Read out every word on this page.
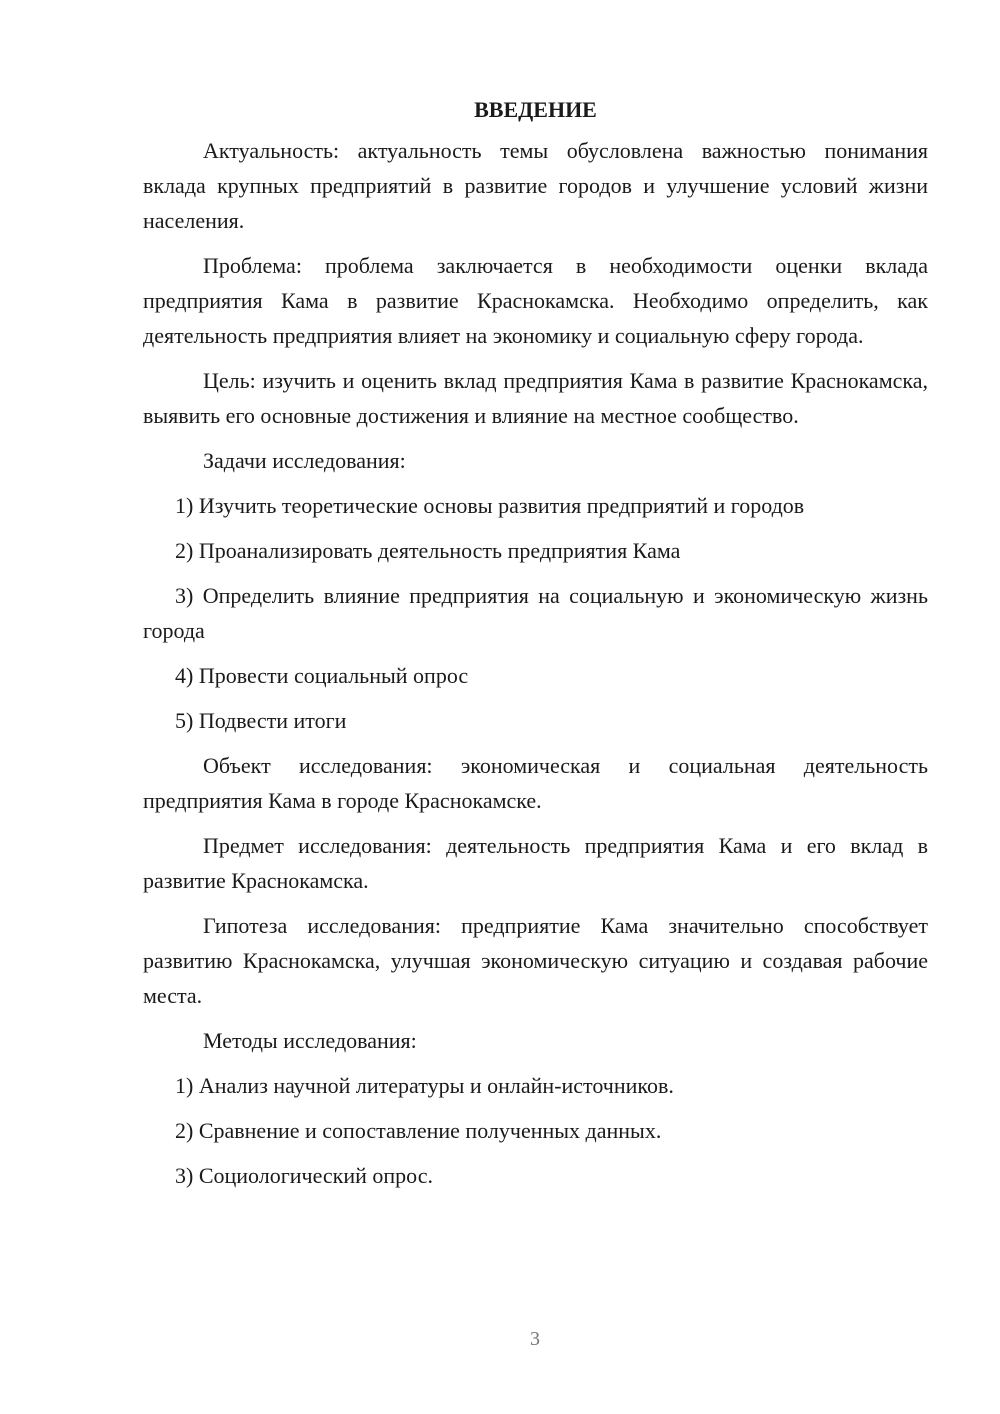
ВВЕДЕНИЕ

Актуальность: актуальность темы обусловлена важностью понимания вклада крупных предприятий в развитие городов и улучшение условий жизни населения.

Проблема: проблема заключается в необходимости оценки вклада предприятия Кама в развитие Краснокамска. Необходимо определить, как деятельность предприятия влияет на экономику и социальную сферу города.

Цель: изучить и оценить вклад предприятия Кама в развитие Краснокамска, выявить его основные достижения и влияние на местное сообщество.

Задачи исследования:

1) Изучить теоретические основы развития предприятий и городов

2) Проанализировать деятельность предприятия Кама

3) Определить влияние предприятия на социальную и экономическую жизнь города

4) Провести социальный опрос

5) Подвести итоги

Объект исследования: экономическая и социальная деятельность предприятия Кама в городе Краснокамске.

Предмет исследования: деятельность предприятия Кама и его вклад в развитие Краснокамска.

Гипотеза исследования: предприятие Кама значительно способствует развитию Краснокамска, улучшая экономическую ситуацию и создавая рабочие места.

Методы исследования:

1) Анализ научной литературы и онлайн-источников.

2) Сравнение и сопоставление полученных данных.

3) Социологический опрос.

3
